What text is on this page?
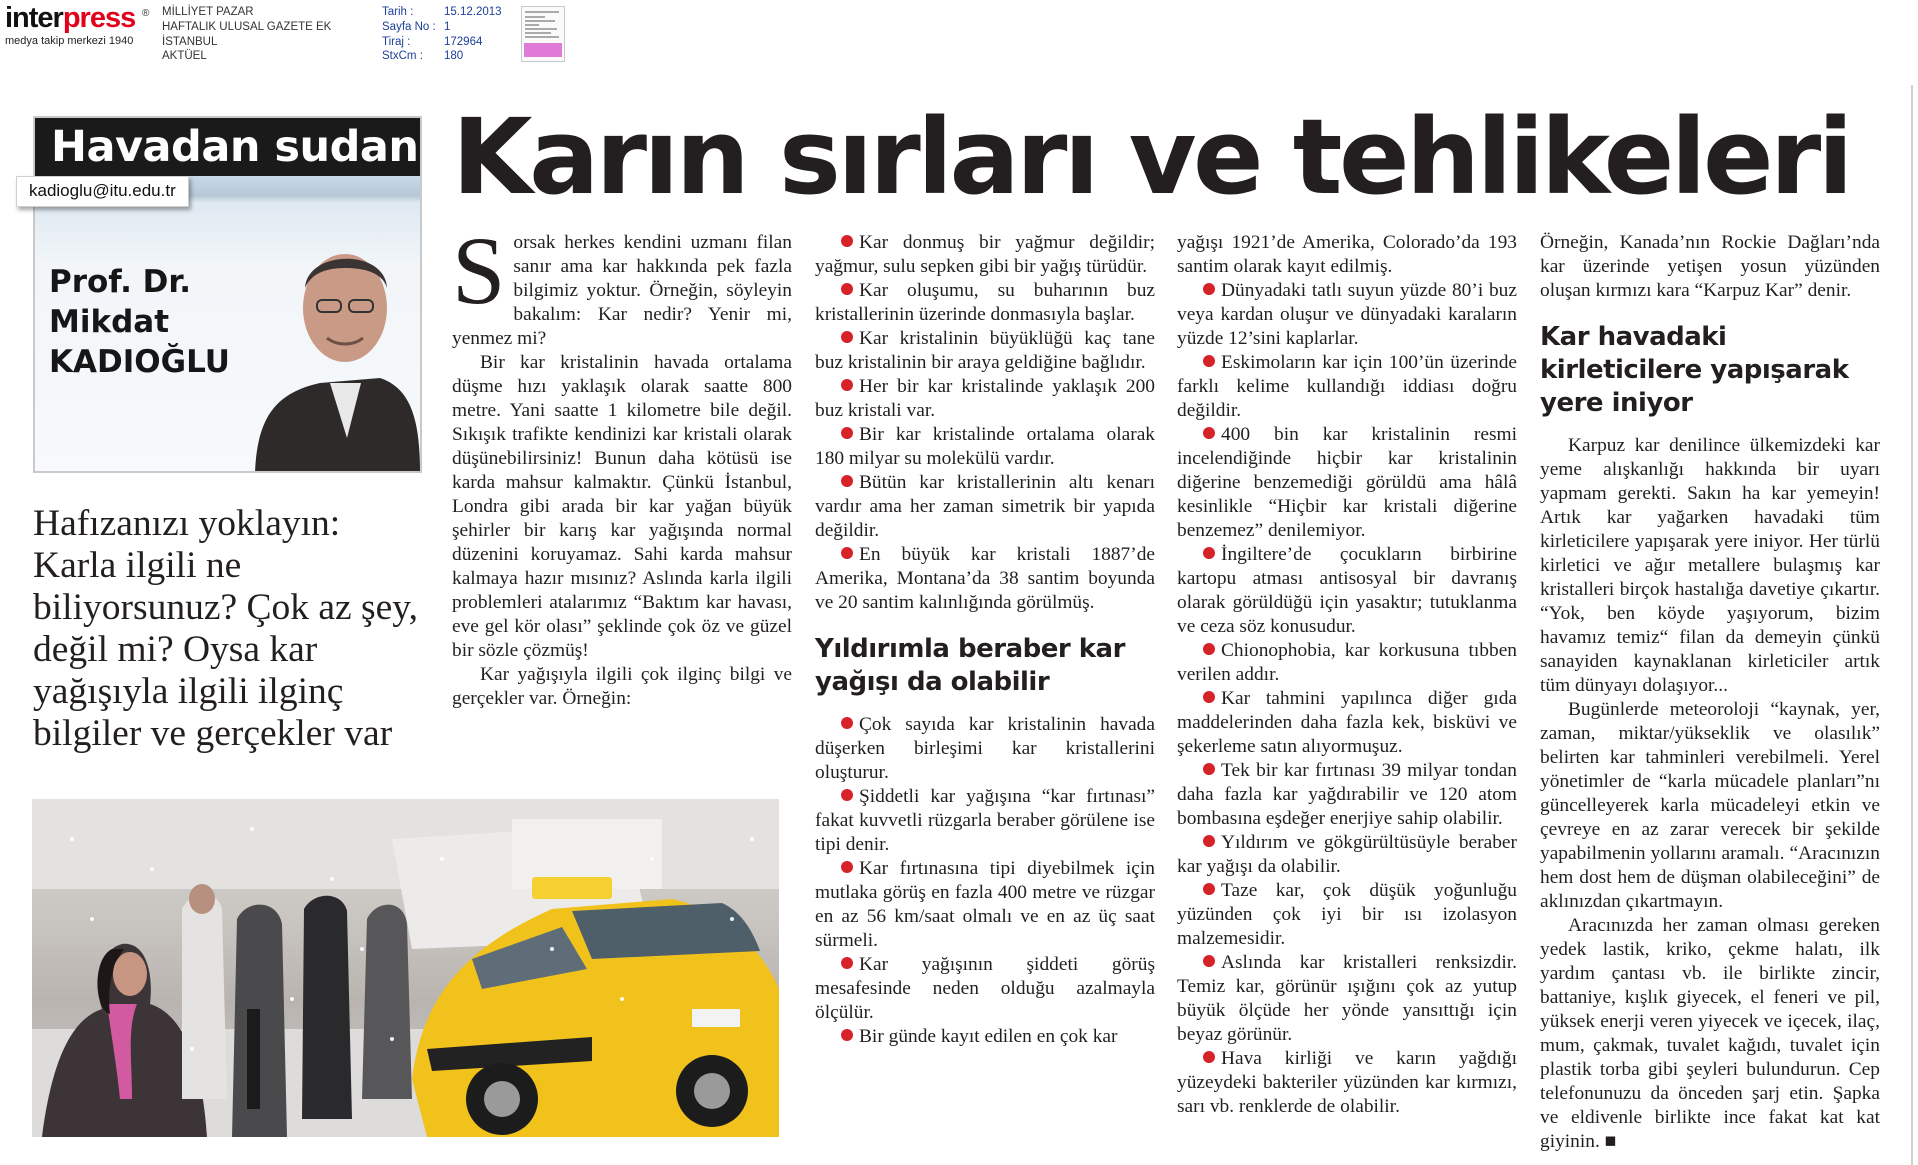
interpress ®
medya takip merkezi 1940
MİLLİYET PAZAR
HAFTALIK ULUSAL GAZETE EK
İSTANBUL
AKTÜEL
Tarih :	15.12.2013
Sayfa No : 1
Tiraj :	172964
StxCm :	180
Havadan sudan
Prof. Dr.
Mikdat
KADIOĞLU
kadioglu@itu.edu.tr	Karın sırları ve tehlikeleri
Hafızanızı yoklayın: Karla ilgili ne biliyorsunuz? Çok az şey, değil mi? Oysa kar yağışıyla ilgili ilginç bilgiler ve gerçekler var

Sorsak herkes kendini uzmanı filan sanır ama kar hakkında pek fazla bilgimiz yoktur. Örneğin, söyleyin bakalım: Kar nedir? Yenir mi, yenmez mi?

Bir kar kristalinin havada ortalama düşme hızı yaklaşık olarak saatte 800 metre. Yani saatte 1 kilometre bile değil. Sıkışık trafikte kendinizi kar kristali olarak düşünebilirsiniz! Bunun daha kötüsü ise karda mahsur kalmaktır. Çünkü İstanbul, Londra gibi arada bir kar yağan büyük şehirler bir karış kar yağışında normal düzenini koruyamaz. Sahi karda mahsur kalmaya hazır mısınız? Aslında karla ilgili problemleri atalarımız “Baktım kar havası, eve gel kör olası” şeklinde çok öz ve güzel bir sözle çözmüş!

Kar yağışıyla ilgili çok ilginç bilgi ve gerçekler var. Örneğin:

Kar donmuş bir yağmur değildir; yağmur, sulu sepken gibi bir yağış türüdür.

Kar oluşumu, su buharının buz kristallerinin üzerinde donmasıyla başlar.

Kar kristalinin büyüklüğü kaç tane buz kristalinin bir araya geldiğine bağlıdır.

Her bir kar kristalinde yaklaşık 200 buz kristali var.

Bir kar kristalinde ortalama olarak 180 milyar su molekülü vardır.

Bütün kar kristallerinin altı kenarı vardır ama her zaman simetrik bir yapıda değildir.

En büyük kar kristali 1887’de Amerika, Montana’da 38 santim boyunda ve 20 santim kalınlığında görülmüş.

Yıldırımla beraber kar yağışı da olabilir

Çok sayıda kar kristalinin havada düşerken birleşimi kar kristallerini oluşturur.

Şiddetli kar yağışına “kar fırtınası” fakat kuvvetli rüzgarla beraber görülene ise tipi denir.

Kar fırtınasına tipi diyebilmek için mutlaka görüş en fazla 400 metre ve rüzgar en az 56 km/saat olmalı ve en az üç saat sürmeli.

Kar yağışının şiddeti görüş mesafesinde neden olduğu azalmayla ölçülür.

Bir günde kayıt edilen en çok kar

yağışı 1921’de Amerika, Colorado’da 193 santim olarak kayıt edilmiş.

Dünyadaki tatlı suyun yüzde 80’i buz veya kardan oluşur ve dünyadaki karaların yüzde 12’sini kaplarlar.

Eskimoların kar için 100’ün üzerinde farklı kelime kullandığı iddiası doğru değildir.

400 bin kar kristalinin resmi incelendiğinde hiçbir kar kristalinin diğerine benzemediği görüldü ama hâlâ kesinlikle “Hiçbir kar kristali diğerine benzemez” denilemiyor.

İngiltere’de çocukların birbirine kartopu atması antisosyal bir davranış olarak görüldüğü için yasaktır; tutuklanma ve ceza söz konusudur.

Chionophobia, kar korkusuna tıbben verilen addır.

Kar tahmini yapılınca diğer gıda maddelerinden daha fazla kek, bisküvi ve şekerleme satın alıyormuşuz.

Tek bir kar fırtınası 39 milyar tondan daha fazla kar yağdırabilir ve 120 atom bombasına eşdeğer enerjiye sahip olabilir.

Yıldırım ve gökgürültüsüyle beraber kar yağışı da olabilir.

Taze kar, çok düşük yoğunluğu yüzünden çok iyi bir ısı izolasyon malzemesidir.

Aslında kar kristalleri renksizdir. Temiz kar, görünür ışığını çok az yutup büyük ölçüde her yönde yansıttığı için beyaz görünür.

Hava kirliği ve karın yağdığı yüzeydeki bakteriler yüzünden kar kırmızı, sarı vb. renklerde de olabilir.

Örneğin, Kanada’nın Rockie Dağları’nda kar üzerinde yetişen yosun yüzünden oluşan kırmızı kara “Karpuz Kar” denir.

Kar havadaki kirleticilere yapışarak yere iniyor

Karpuz kar denilince ülkemizdeki kar yeme alışkanlığı hakkında bir uyarı yapmam gerekti. Sakın ha kar yemeyin! Artık kar yağarken havadaki tüm kirleticilere yapışarak yere iniyor. Her türlü kirletici ve ağır metallere bulaşmış kar kristalleri birçok hastalığa davetiye çıkartır. “Yok, ben köyde yaşıyorum, bizim havamız temiz“ filan da demeyin çünkü sanayiden kaynaklanan kirleticiler artık tüm dünyayı dolaşıyor...

Bugünlerde meteoroloji “kaynak, yer, zaman, miktar/yükseklik ve olasılık” belirten kar tahminleri verebilmeli. Yerel yönetimler de “karla mücadele planları”nı güncelleyerek karla mücadeleyi etkin ve çevreye en az zarar verecek bir şekilde yapabilmenin yollarını aramalı. “Aracınızın hem dost hem de düşman olabileceğini” de aklınızdan çıkartmayın.

Aracınızda her zaman olması gereken yedek lastik, kriko, çekme halatı, ilk yardım çantası vb. ile birlikte zincir, battaniye, kışlık giyecek, el feneri ve pil, yüksek enerji veren yiyecek ve içecek, ilaç, mum, çakmak, tuvalet kağıdı, tuvalet için plastik torba gibi şeyleri bulundurun. Cep telefonunuzu da önceden şarj etin. Şapka ve eldivenle birlikte ince fakat kat kat giyinin. ■
